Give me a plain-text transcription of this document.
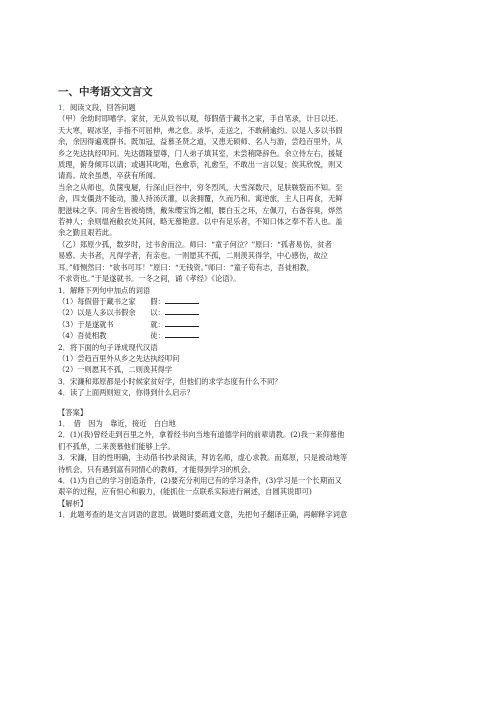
一、中考语文文言文
1．阅读文段，回答问题
（甲）余幼时即嗜学。家贫，无从致书以观，每假借于藏书之家，手自笔录，计日以还。
天大寒，砚冰坚，手指不可屈伸，弗之怠。录毕，走送之，不敢稍逾约。以是人多以书假
余，余因得遍观群书。既加冠，益慕圣贤之道，又患无硕师、名人与游，尝趋百里外，从
乡之先达执经叩问。先达德隆望尊，门人弟子填其室，未尝稍降辞色。余立侍左右，援疑
质理，俯身倾耳以请；或遇其叱咄，色愈恭，礼愈至，不敢出一言以复；俟其欣悦，则又
请焉。故余虽愚，卒获有所闻。
当余之从师也，负箧曳屣，行深山巨谷中，穷冬烈风，大雪深数尺，足肤皲裂而不知。至
舍，四支僵劲不能动，媵人持汤沃灌，以衾拥覆，久而乃和。寓逆旅，主人日再食，无鲜
肥滋味之享。同舍生皆被绮绣，戴朱缨宝饰之帽，腰白玉之环，左佩刀，右备容臭，烨然
若神人；余则缊袍敝衣处其间，略无慕艳意。以中有足乐者，不知口体之奉不若人也。盖
余之勤且艰若此。
（乙）郑原少孤，数岁时，过书舍而泣。师曰：“童子何泣？”原曰：“孤者易伤，贫者
易感。夫书者，凡得学者，有亲也。一则愿其不孤，二则羡其得学，中心感伤，故泣
耳。”师恻然曰：“欲书可耳！”原曰：“无钱资。”师曰：“童子苟有志，吾徒相教，
不求资也。”于是遂就书。一冬之间，诵《孝经》《论语》。
1．解释下列句中加点的词语
（1）每假借于藏书之家　　 假：
（2）以是人多以书假余　　 以：
（3）于是遂就书　　　　　	就：
（4）吾徒相教　　　　　　	徒：
2．将下面的句子译成现代汉语
（1）尝趋百里外从乡之先达执经叩问
（2）一则愿其不孤，二则羡其得学
3．宋濂和郑原都是小时候家贫好学，但他们的求学态度有什么不同？
4．读了上面两则短文，你得到什么启示？
【答案】
1．　借　因为　靠近，接近　白白地
2．(1)(我)曾经走到百里之外，拿着经书向当地有道德学问的前辈请教。(2)我一来仰慕他
们不孤单，二来羡慕他们能够上学。
3．宋濂，目的性明确，主动借书抄录阅读，拜访名师，虚心求教。而郑原，只是被动地等
待机会，只有遇到富有同情心的教师，才能得到学习的机会。
4．(1)为自己的学习创造条件，(2)要充分利用已有的学习条件，(3)学习是一个长期而又
艰辛的过程，应有恒心和毅力，(能抓住一点联系实际进行阐述，自圆其说即可)
【解析】
1．此题考查的是文言词语的意思。做题时要疏通文意，先把句子翻译正确，再解释字词意
